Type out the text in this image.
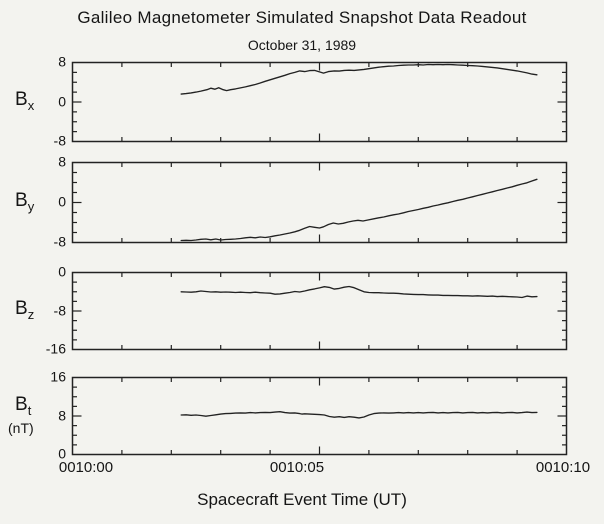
Galileo Magnetometer Simulated Snapshot Data Readout
October 31, 1989
$B_x$
8
0
-8
$B_y$
8
0
-8
$B_z$
0
-8
-16
$B_t$
(nT)
16
8
0
0010:00	0010:05	0010:10
Spacecraft Event Time (UT)
